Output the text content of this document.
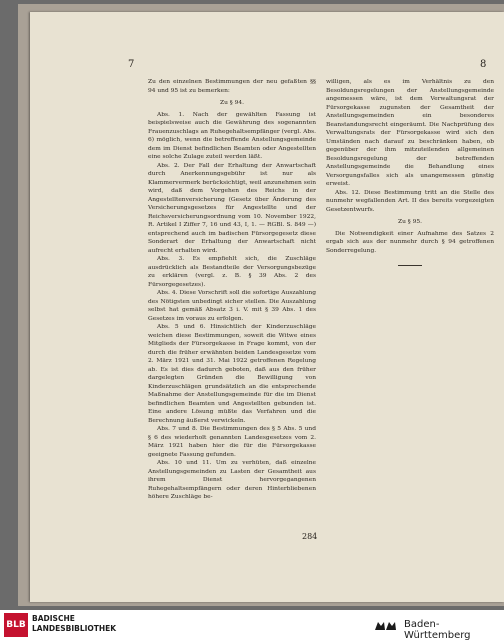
7	8

Zu den einzelnen Bestimmungen der neu gefaßten §§ 94 und 95 ist zu bemerken:

Zu § 94.

Abs. 1. Nach der gewählten Fassung ist beispielsweise auch die Gewährung des sogenannten Frauenzuschlags an Ruhegehaltsempfänger (vergl. Abs. 6) möglich, wenn die betreffende Anstellungsgemeinde dem im Dienst befindlichen Beamten oder Angestellten eine solche Zulage zuteil werden läßt.

Abs. 2. Der Fall der Erhaltung der Anwartschaft durch Anerkennungsgebühr ist nur als Klammervermerk berücksichtigt, weil anzunehmen sein wird, daß dem Vorgehen des Reichs in der Angestelltenversicherung (Gesetz über Änderung des Versicherungsgesetzes für Angestellte und der Reichsversicherungsordnung vom 10. November 1922, R. Artikel I Ziffer 7, 16 und 43, I, 1. — RGBl. S. 849 —) entsprechend auch im badischen Fürsorgegesetz diese Sonderart der Erhaltung der Anwartschaft nicht aufrecht erhalten wird.

Abs. 3. Es empfiehlt sich, die Zuschläge ausdrücklich als Bestandteile der Versorgungsbezüge zu erklären (vergl. z. B. § 39 Abs. 2 des Fürsorgegesetzes).

Abs. 4. Diese Vorschrift soll die sofortige Auszahlung des Nötigsten unbedingt sicher stellen. Die Auszahlung selbst hat gemäß Absatz 3 i. V. mit § 39 Abs. 1 des Gesetzes im voraus zu erfolgen.

Abs. 5 und 6. Hinsichtlich der Kinderzuschläge weichen diese Bestimmungen, soweit die Witwe eines Mitglieds der Fürsorgekasse in Frage kommt, von der durch die früher erwähnten beiden Landesgesetze vom 2. März 1921 und 31. Mai 1922 getroffenen Regelung ab. Es ist dies dadurch geboten, daß aus den früher dargelegten Gründen die Bewilligung von Kinderzuschlägen grundsätzlich an die entsprechende Maßnahme der Anstellungsgemeinde für die im Dienst befindlichen Beamten und Angestellten gebunden ist. Eine andere Lösung müßte das Verfahren und die Berechnung äußerst verwickeln.

Abs. 7 und 8. Die Bestimmungen des § 5 Abs. 5 und § 6 des wiederholt genannten Landesgesetzes vom 2. März 1921 haben hier die für die Fürsorgekasse geeignete Fassung gefunden.

Abs. 10 und 11. Um zu verhüten, daß einzelne Anstellungsgemeinden zu Lasten der Gesamtheit aus ihrem Dienst hervorgegangenen Ruhegehaltsempfängern oder deren Hinterbliebenen höhere Zuschläge be-

willigen, als es im Verhältnis zu den Besoldungsregelungen der Anstellungsgemeinde angemessen wäre, ist dem Verwaltungsrat der Fürsorgekasse zugunsten der Gesamtheit der Anstellungsgemeinden ein besonderes Beanstandungsrecht eingeräumt. Die Nachprüfung des Verwaltungsrats der Fürsorgekasse wird sich den Umständen nach darauf zu beschränken haben, ob gegenüber der ihm mitzuteilenden allgemeinen Besoldungsregelung der betreffenden Anstellungsgemeinde die Behandlung eines Versorgungsfalles sich als unangemessen günstig erweist.

Abs. 12. Diese Bestimmung tritt an die Stelle des nunmehr wegfallenden Art. II des bereits vorgezeigten Gesetzentwurfs.

Zu § 95.

Die Notwendigkeit einer Aufnahme des Satzes 2 ergab sich aus der nunmehr durch § 94 getroffenen Sonderregelung.

284
BLB
BADISCHE
LANDESBIBLIOTHEK	Baden-Württemberg
